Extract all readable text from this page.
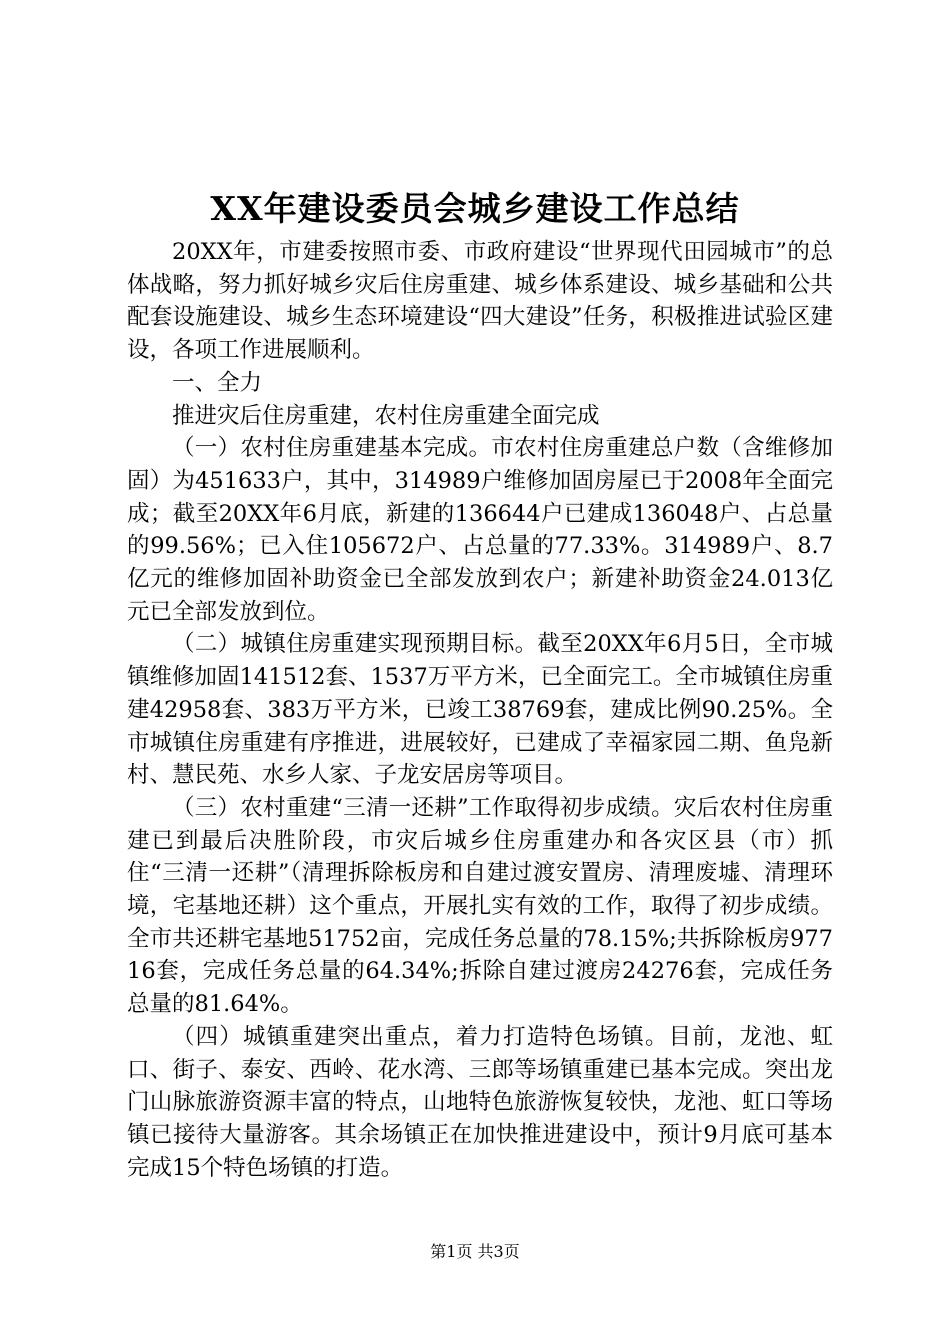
XX年建设委员会城乡建设工作总结

20XX年，市建委按照市委、市政府建设“世界现代田园城市”的总体战略，努力抓好城乡灾后住房重建、城乡体系建设、城乡基础和公共配套设施建设、城乡生态环境建设“四大建设”任务，积极推进试验区建设，各项工作进展顺利。

一、全力

推进灾后住房重建，农村住房重建全面完成

（一）农村住房重建基本完成。市农村住房重建总户数（含维修加固）为451633户，其中，314989户维修加固房屋已于2008年全面完成；截至20XX年6月底，新建的136644户已建成136048户、占总量的99.56%；已入住105672户、占总量的77.33%。314989户、8.7亿元的维修加固补助资金已全部发放到农户；新建补助资金24.013亿元已全部发放到位。

（二）城镇住房重建实现预期目标。截至20XX年6月5日，全市城镇维修加固141512套、1537万平方米，已全面完工。全市城镇住房重建42958套、383万平方米，已竣工38769套，建成比例90.25%。全市城镇住房重建有序推进，进展较好，已建成了幸福家园二期、鱼凫新村、慧民苑、水乡人家、子龙安居房等项目。

（三）农村重建“三清一还耕”工作取得初步成绩。灾后农村住房重建已到最后决胜阶段，市灾后城乡住房重建办和各灾区县（市）抓住“三清一还耕”（清理拆除板房和自建过渡安置房、清理废墟、清理环境，宅基地还耕）这个重点，开展扎实有效的工作，取得了初步成绩。全市共还耕宅基地51752亩，完成任务总量的78.15%;共拆除板房97716套，完成任务总量的64.34%;拆除自建过渡房24276套，完成任务总量的81.64%。

（四）城镇重建突出重点，着力打造特色场镇。目前，龙池、虹口、街子、泰安、西岭、花水湾、三郎等场镇重建已基本完成。突出龙门山脉旅游资源丰富的特点，山地特色旅游恢复较快，龙池、虹口等场镇已接待大量游客。其余场镇正在加快推进建设中，预计9月底可基本完成15个特色场镇的打造。

第1页 共3页
